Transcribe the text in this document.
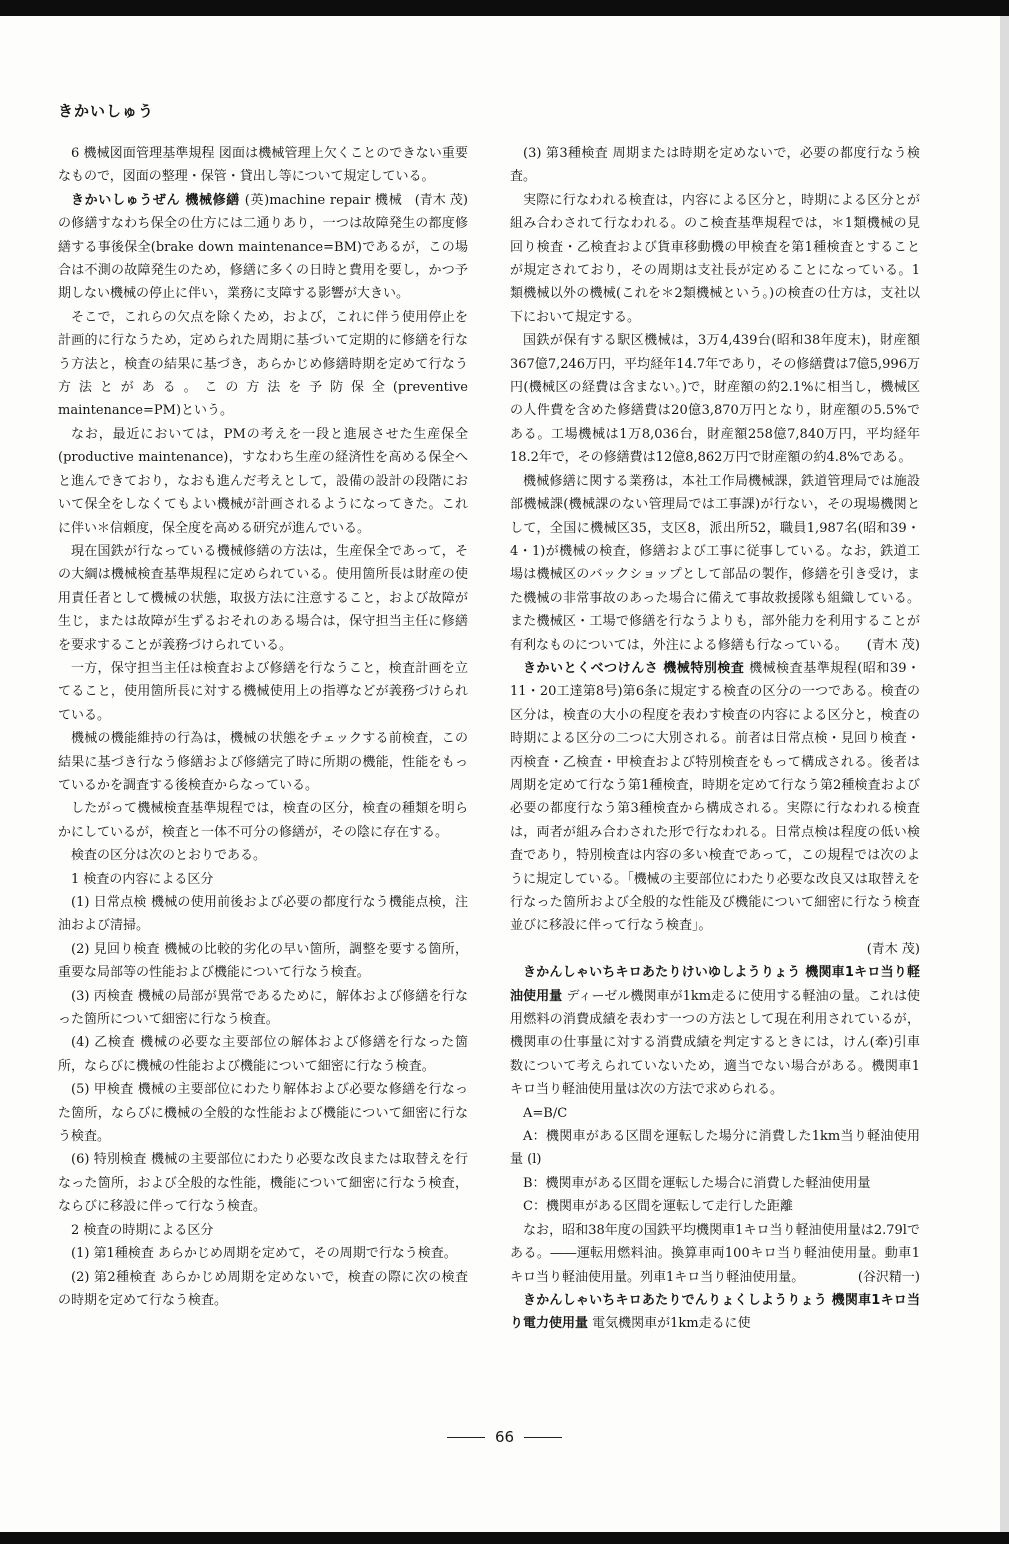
きかいしゅう

6 機械図面管理基準規程 図面は機械管理上欠くことのできない重要なもので，図面の整理・保管・貸出し等について規定している。
(青木 茂)

きかいしゅうぜん 機械修繕 (英)machine repair 機械の修繕すなわち保全の仕方には二通りあり，一つは故障発生の都度修繕する事後保全(brake down maintenance=BM)であるが，この場合は不測の故障発生のため，修繕に多くの日時と費用を要し，かつ予期しない機械の停止に伴い，業務に支障する影響が大きい。

そこで，これらの欠点を除くため，および，これに伴う使用停止を計画的に行なうため，定められた周期に基づいて定期的に修繕を行なう方法と，検査の結果に基づき，あらかじめ修繕時期を定めて行なう方法とがある。この方法を予防保全(preventive maintenance=PM)という。

なお，最近においては，PMの考えを一段と進展させた生産保全(productive maintenance)，すなわち生産の経済性を高める保全へと進んできており，なおも進んだ考えとして，設備の設計の段階において保全をしなくてもよい機械が計画されるようになってきた。これに伴い＊信頼度，保全度を高める研究が進んでいる。

現在国鉄が行なっている機械修繕の方法は，生産保全であって，その大綱は機械検査基準規程に定められている。使用箇所長は財産の使用責任者として機械の状態，取扱方法に注意すること，および故障が生じ，または故障が生ずるおそれのある場合は，保守担当主任に修繕を要求することが義務づけられている。

一方，保守担当主任は検査および修繕を行なうこと，検査計画を立てること，使用箇所長に対する機械使用上の指導などが義務づけられている。

機械の機能維持の行為は，機械の状態をチェックする前検査，この結果に基づき行なう修繕および修繕完了時に所期の機能，性能をもっているかを調査する後検査からなっている。

したがって機械検査基準規程では，検査の区分，検査の種類を明らかにしているが，検査と一体不可分の修繕が，その陰に存在する。

検査の区分は次のとおりである。

1 検査の内容による区分

(1) 日常点検 機械の使用前後および必要の都度行なう機能点検，注油および清掃。

(2) 見回り検査 機械の比較的劣化の早い箇所，調整を要する箇所，重要な局部等の性能および機能について行なう検査。

(3) 丙検査 機械の局部が異常であるために，解体および修繕を行なった箇所について細密に行なう検査。

(4) 乙検査 機械の必要な主要部位の解体および修繕を行なった箇所，ならびに機械の性能および機能について細密に行なう検査。

(5) 甲検査 機械の主要部位にわたり解体および必要な修繕を行なった箇所，ならびに機械の全般的な性能および機能について細密に行なう検査。

(6) 特別検査 機械の主要部位にわたり必要な改良または取替えを行なった箇所，および全般的な性能，機能について細密に行なう検査，ならびに移設に伴って行なう検査。

2 検査の時期による区分

(1) 第1種検査 あらかじめ周期を定めて，その周期で行なう検査。

(2) 第2種検査 あらかじめ周期を定めないで，検査の際に次の検査の時期を定めて行なう検査。

(3) 第3種検査 周期または時期を定めないで，必要の都度行なう検査。

実際に行なわれる検査は，内容による区分と，時期による区分とが組み合わされて行なわれる。のこ検査基準規程では，＊1類機械の見回り検査・乙検査および貨車移動機の甲検査を第1種検査とすることが規定されており，その周期は支社長が定めることになっている。1類機械以外の機械(これを＊2類機械という。)の検査の仕方は，支社以下において規定する。

国鉄が保有する駅区機械は，3万4,439台(昭和38年度末)，財産額367億7,246万円，平均経年14.7年であり，その修繕費は7億5,996万円(機械区の経費は含まない。)で，財産額の約2.1%に相当し，機械区の人件費を含めた修繕費は20億3,870万円となり，財産額の5.5%である。工場機械は1万8,036台，財産額258億7,840万円，平均経年18.2年で，その修繕費は12億8,862万円で財産額の約4.8%である。

機械修繕に関する業務は，本社工作局機械課，鉄道管理局では施設部機械課(機械課のない管理局では工事課)が行ない，その現場機関として，全国に機械区35，支区8，派出所52，職員1,987名(昭和39・4・1)が機械の検査，修繕および工事に従事している。なお，鉄道工場は機械区のバックショップとして部品の製作，修繕を引き受け，また機械の非常事故のあった場合に備えて事故救援隊も組織している。また機械区・工場で修繕を行なうよりも，部外能力を利用することが有利なものについては，外注による修繕も行なっている。	(青木 茂)

きかいとくべつけんさ 機械特別検査 機械検査基準規程(昭和39・11・20工達第8号)第6条に規定する検査の区分の一つである。検査の区分は，検査の大小の程度を表わす検査の内容による区分と，検査の時期による区分の二つに大別される。前者は日常点検・見回り検査・丙検査・乙検査・甲検査および特別検査をもって構成される。後者は周期を定めて行なう第1種検査，時期を定めて行なう第2種検査および必要の都度行なう第3種検査から構成される。実際に行なわれる検査は，両者が組み合わされた形で行なわれる。日常点検は程度の低い検査であり，特別検査は内容の多い検査であって，この規程では次のように規定している。「機械の主要部位にわたり必要な改良又は取替えを行なった箇所および全般的な性能及び機能について細密に行なう検査並びに移設に伴って行なう検査」。

(青木 茂)

きかんしゃいちキロあたりけいゆしようりょう 機関車1キロ当り軽油使用量 ディーゼル機関車が1km走るに使用する軽油の量。これは使用燃料の消費成績を表わす一つの方法として現在利用されているが，機関車の仕事量に対する消費成績を判定するときには，けん(牽)引車数について考えられていないため，適当でない場合がある。機関車1キロ当り軽油使用量は次の方法で求められる。

A=B/C

A：機関車がある区間を運転した場分に消費した1km当り軽油使用量 (l)

B：機関車がある区間を運転した場合に消費した軽油使用量

C：機関車がある区間を運転して走行した距離

なお，昭和38年度の国鉄平均機関車1キロ当り軽油使用量は2.79lである。――運転用燃料油。換算車両100キロ当り軽油使用量。動車1キロ当り軽油使用量。列車1キロ当り軽油使用量。	(谷沢精一)

きかんしゃいちキロあたりでんりょくしようりょう 機関車1キロ当り電力使用量 電気機関車が1km走るに使

66
